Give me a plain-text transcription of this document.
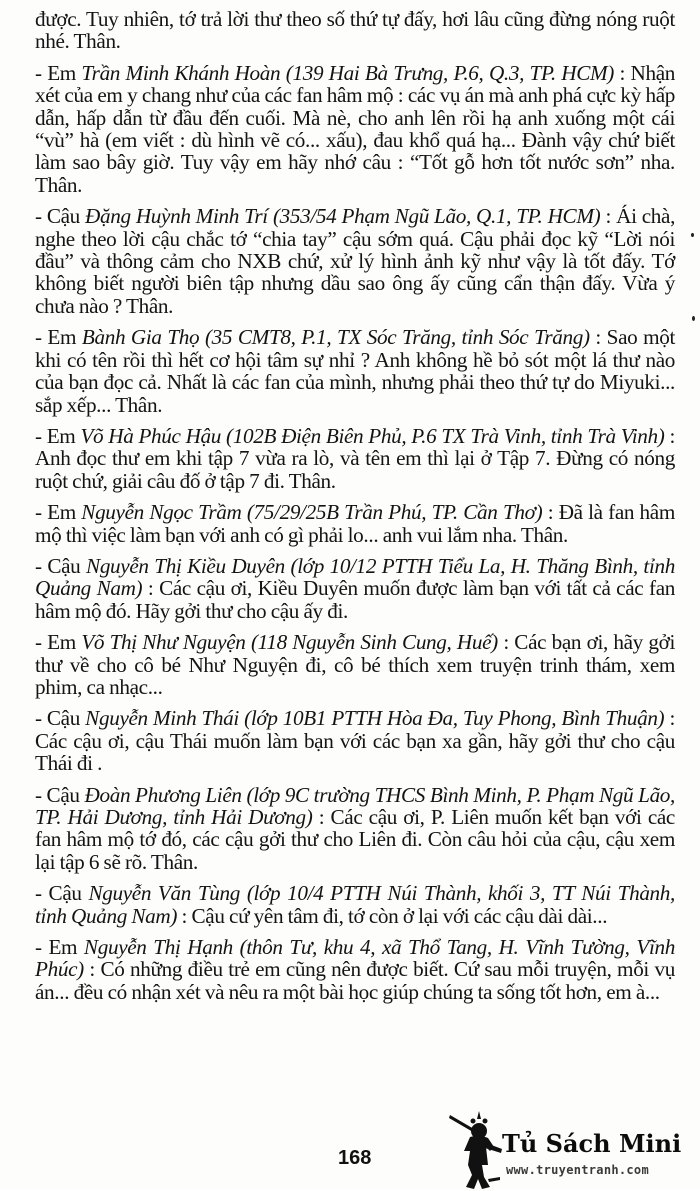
được. Tuy nhiên, tớ trả lời thư theo số thứ tự đấy, hơi lâu cũng đừng nóng ruột nhé. Thân.

- Em Trần Minh Khánh Hoàn (139 Hai Bà Trưng, P.6, Q.3, TP. HCM) : Nhận xét của em y chang như của các fan hâm mộ : các vụ án mà anh phá cực kỳ hấp dẫn, hấp dẫn từ đầu đến cuối. Mà nè, cho anh lên rồi hạ anh xuống một cái “vù” hà (em viết : dù hình vẽ có... xấu), đau khổ quá hạ... Đành vậy chứ biết làm sao bây giờ. Tuy vậy em hãy nhớ câu : “Tốt gỗ hơn tốt nước sơn” nha. Thân.

- Cậu Đặng Huỳnh Minh Trí (353/54 Phạm Ngũ Lão, Q.1, TP. HCM) : Ái chà, nghe theo lời cậu chắc tớ “chia tay” cậu sớm quá. Cậu phải đọc kỹ “Lời nói đầu” và thông cảm cho NXB chứ, xử lý hình ảnh kỹ như vậy là tốt đấy. Tớ không biết người biên tập nhưng dầu sao ông ấy cũng cẩn thận đấy. Vừa ý chưa nào ? Thân.

- Em Bành Gia Thọ (35 CMT8, P.1, TX Sóc Trăng, tỉnh Sóc Trăng) : Sao một khi có tên rồi thì hết cơ hội tâm sự nhỉ ? Anh không hề bỏ sót một lá thư nào của bạn đọc cả. Nhất là các fan của mình, nhưng phải theo thứ tự do Miyuki... sắp xếp... Thân.

- Em Võ Hà Phúc Hậu (102B Điện Biên Phủ, P.6 TX Trà Vinh, tỉnh Trà Vinh) : Anh đọc thư em khi tập 7 vừa ra lò, và tên em thì lại ở Tập 7. Đừng có nóng ruột chứ, giải câu đố ở tập 7 đi. Thân.

- Em Nguyễn Ngọc Trầm (75/29/25B Trần Phú, TP. Cần Thơ) : Đã là fan hâm mộ thì việc làm bạn với anh có gì phải lo... anh vui lắm nha. Thân.

- Cậu Nguyễn Thị Kiều Duyên (lớp 10/12 PTTH Tiểu La, H. Thăng Bình, tỉnh Quảng Nam) : Các cậu ơi, Kiều Duyên muốn được làm bạn với tất cả các fan hâm mộ đó. Hãy gởi thư cho cậu ấy đi.

- Em Võ Thị Như Nguyện (118 Nguyễn Sinh Cung, Huế) : Các bạn ơi, hãy gởi thư về cho cô bé Như Nguyện đi, cô bé thích xem truyện trinh thám, xem phim, ca nhạc...

- Cậu Nguyễn Minh Thái (lớp 10B1 PTTH Hòa Đa, Tuy Phong, Bình Thuận) : Các cậu ơi, cậu Thái muốn làm bạn với các bạn xa gần, hãy gởi thư cho cậu Thái đi .

- Cậu Đoàn Phương Liên (lớp 9C trường THCS Bình Minh, P. Phạm Ngũ Lão, TP. Hải Dương, tỉnh Hải Dương) : Các cậu ơi, P. Liên muốn kết bạn với các fan hâm mộ tớ đó, các cậu gởi thư cho Liên đi. Còn câu hỏi của cậu, cậu xem lại tập 6 sẽ rõ. Thân.

- Cậu Nguyễn Văn Tùng (lớp 10/4 PTTH Núi Thành, khối 3, TT Núi Thành, tỉnh Quảng Nam) : Cậu cứ yên tâm đi, tớ còn ở lại với các cậu dài dài...

- Em Nguyễn Thị Hạnh (thôn Tư, khu 4, xã Thổ Tang, H. Vĩnh Tường, Vĩnh Phúc) : Có những điều trẻ em cũng nên được biết. Cứ sau mỗi truyện, mỗi vụ án... đều có nhận xét và nêu ra một bài học giúp chúng ta sống tốt hơn, em à...

168	Tủ Sách Mini
www.truyentranh.com
